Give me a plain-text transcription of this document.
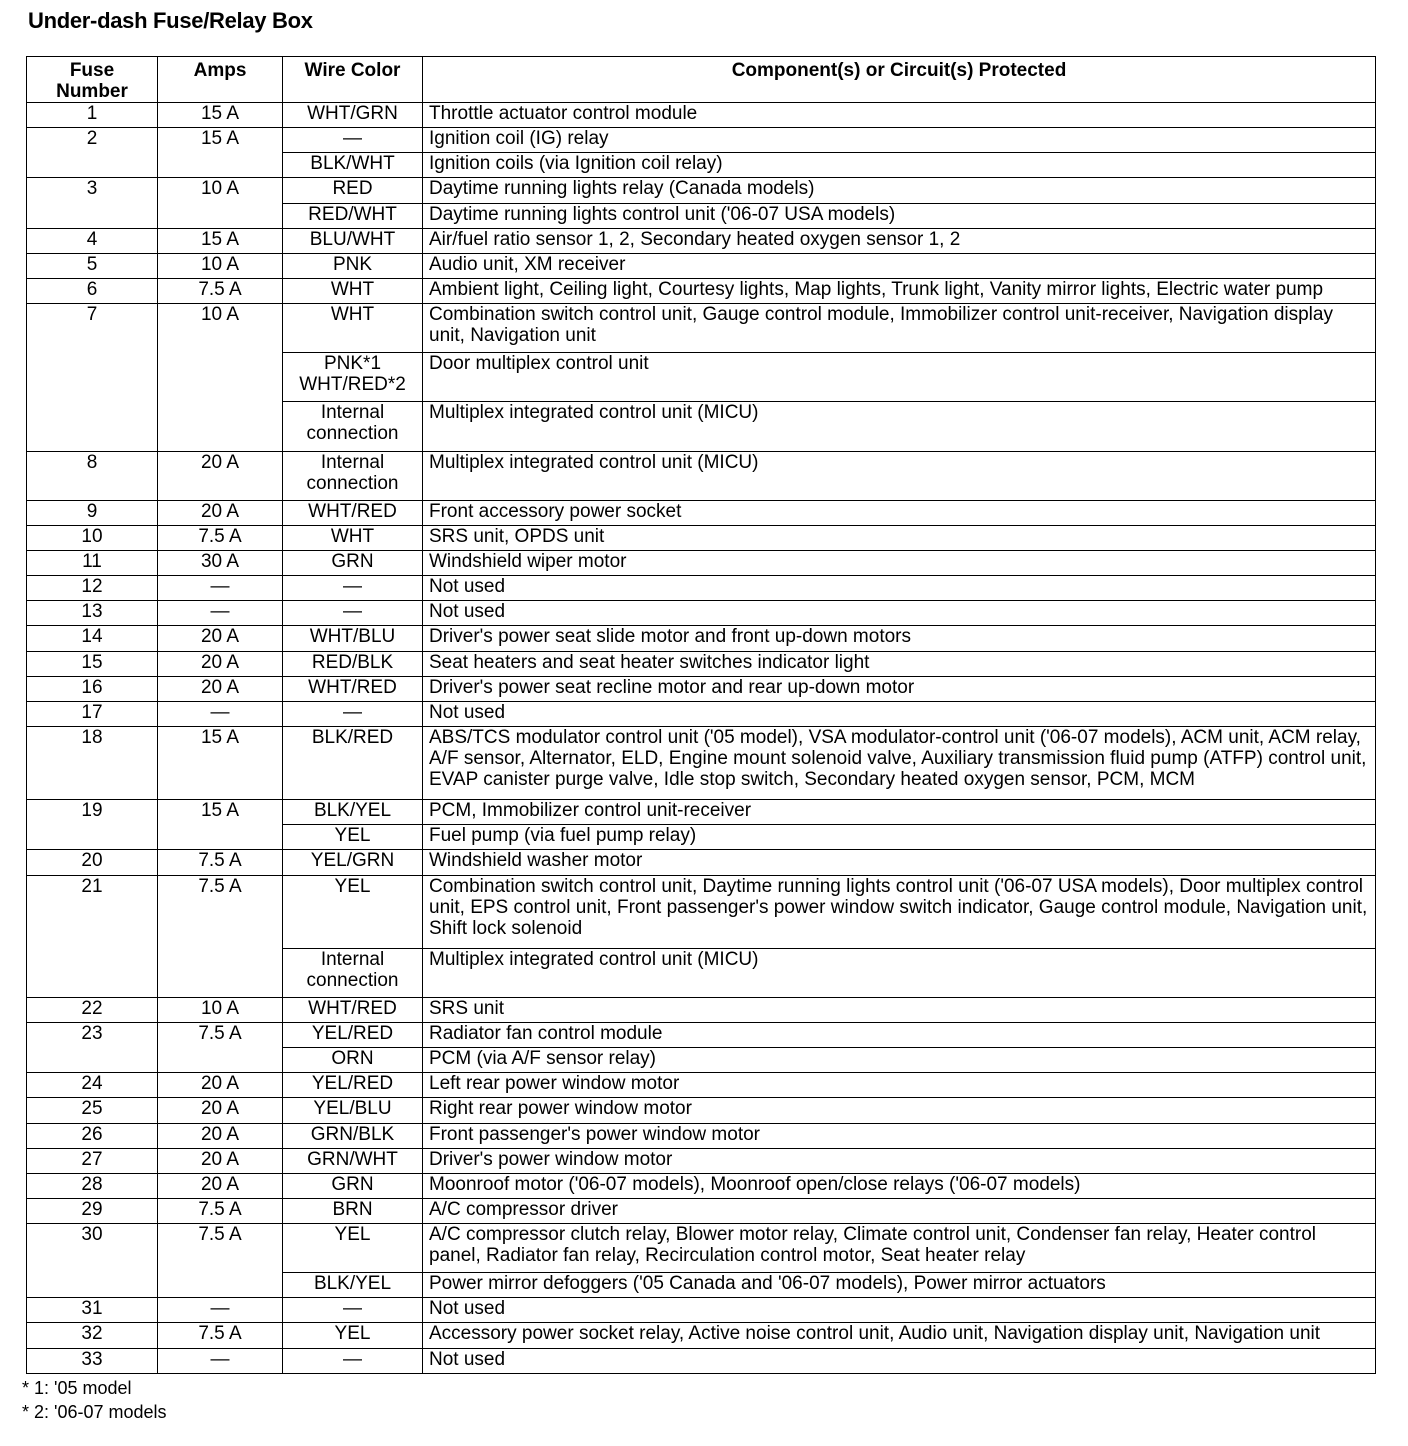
Under-dash Fuse/Relay Box
Fuse Number	Amps	Wire Color	Component(s) or Circuit(s) Protected
1	15 A	WHT/GRN	Throttle actuator control module
2	15 A	—	Ignition coil (IG) relay
		BLK/WHT	Ignition coils (via Ignition coil relay)
3	10 A	RED	Daytime running lights relay (Canada models)
		RED/WHT	Daytime running lights control unit ('06-07 USA models)
4	15 A	BLU/WHT	Air/fuel ratio sensor 1, 2, Secondary heated oxygen sensor 1, 2
5	10 A	PNK	Audio unit, XM receiver
6	7.5 A	WHT	Ambient light, Ceiling light, Courtesy lights, Map lights, Trunk light, Vanity mirror lights, Electric water pump
7	10 A	WHT	Combination switch control unit, Gauge control module, Immobilizer control unit-receiver, Navigation display unit, Navigation unit
		PNK*1 WHT/RED*2	Door multiplex control unit
		Internal connection	Multiplex integrated control unit (MICU)
8	20 A	Internal connection	Multiplex integrated control unit (MICU)
9	20 A	WHT/RED	Front accessory power socket
10	7.5 A	WHT	SRS unit, OPDS unit
11	30 A	GRN	Windshield wiper motor
12	—	—	Not used
13	—	—	Not used
14	20 A	WHT/BLU	Driver's power seat slide motor and front up-down motors
15	20 A	RED/BLK	Seat heaters and seat heater switches indicator light
16	20 A	WHT/RED	Driver's power seat recline motor and rear up-down motor
17	—	—	Not used
18	15 A	BLK/RED	ABS/TCS modulator control unit ('05 model), VSA modulator-control unit ('06-07 models), ACM unit, ACM relay, A/F sensor, Alternator, ELD, Engine mount solenoid valve, Auxiliary transmission fluid pump (ATFP) control unit, EVAP canister purge valve, Idle stop switch, Secondary heated oxygen sensor, PCM, MCM
19	15 A	BLK/YEL	PCM, Immobilizer control unit-receiver
		YEL	Fuel pump (via fuel pump relay)
20	7.5 A	YEL/GRN	Windshield washer motor
21	7.5 A	YEL	Combination switch control unit, Daytime running lights control unit ('06-07 USA models), Door multiplex control unit, EPS control unit, Front passenger's power window switch indicator, Gauge control module, Navigation unit, Shift lock solenoid
		Internal connection	Multiplex integrated control unit (MICU)
22	10 A	WHT/RED	SRS unit
23	7.5 A	YEL/RED	Radiator fan control module
		ORN	PCM (via A/F sensor relay)
24	20 A	YEL/RED	Left rear power window motor
25	20 A	YEL/BLU	Right rear power window motor
26	20 A	GRN/BLK	Front passenger's power window motor
27	20 A	GRN/WHT	Driver's power window motor
28	20 A	GRN	Moonroof motor ('06-07 models), Moonroof open/close relays ('06-07 models)
29	7.5 A	BRN	A/C compressor driver
30	7.5 A	YEL	A/C compressor clutch relay, Blower motor relay, Climate control unit, Condenser fan relay, Heater control panel, Radiator fan relay, Recirculation control motor, Seat heater relay
		BLK/YEL	Power mirror defoggers ('05 Canada and '06-07 models), Power mirror actuators
31	—	—	Not used
32	7.5 A	YEL	Accessory power socket relay, Active noise control unit, Audio unit, Navigation display unit, Navigation unit
33	—	—	Not used
* 1: '05 model
* 2: '06-07 models
